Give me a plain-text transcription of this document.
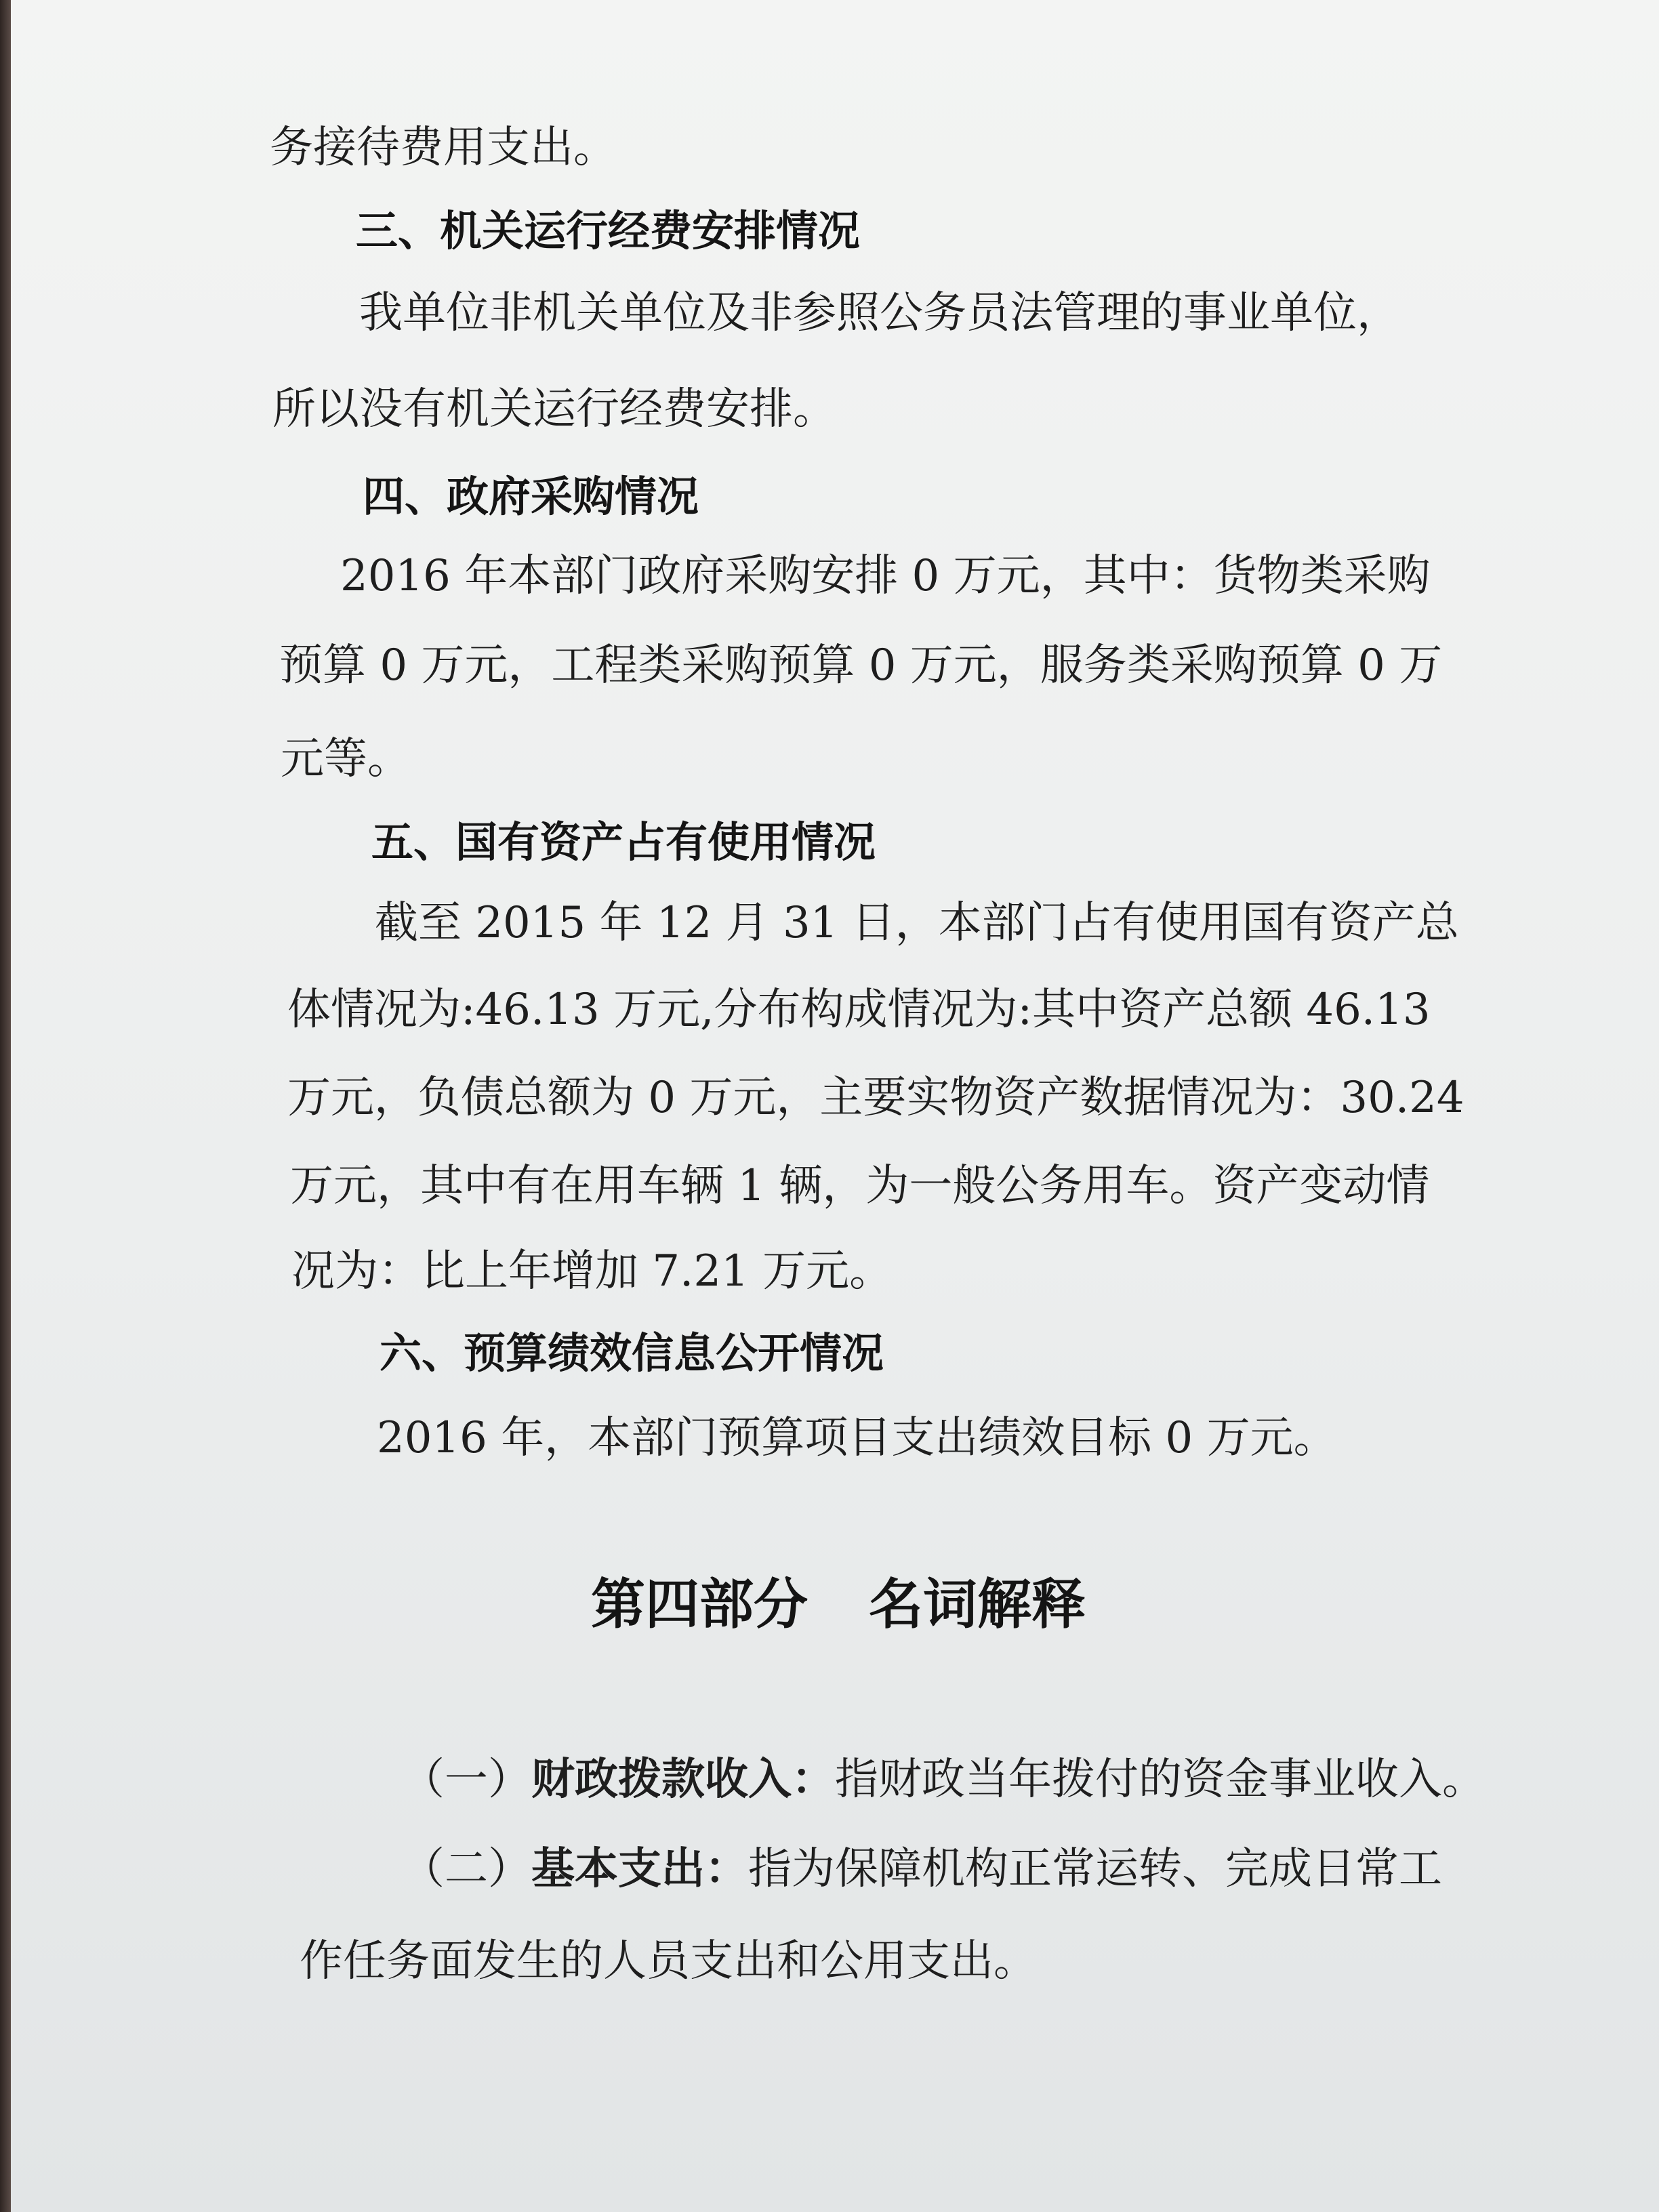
务接待费用支出。
三、机关运行经费安排情况
我单位非机关单位及非参照公务员法管理的事业单位，
所以没有机关运行经费安排。
四、政府采购情况
2016 年本部门政府采购安排 0 万元，其中：货物类采购
预算 0 万元，工程类采购预算 0 万元，服务类采购预算 0 万
元等。
五、国有资产占有使用情况
截至 2015 年 12 月 31 日，本部门占有使用国有资产总
体情况为:46.13 万元,分布构成情况为:其中资产总额 46.13
万元，负债总额为 0 万元，主要实物资产数据情况为：30.24
万元，其中有在用车辆 1 辆，为一般公务用车。资产变动情
况为：比上年增加 7.21 万元。
六、预算绩效信息公开情况
2016 年，本部门预算项目支出绩效目标 0 万元。
第四部分 名词解释
（一）财政拨款收入：指财政当年拨付的资金事业收入。
（二）基本支出：指为保障机构正常运转、完成日常工
作任务面发生的人员支出和公用支出。
